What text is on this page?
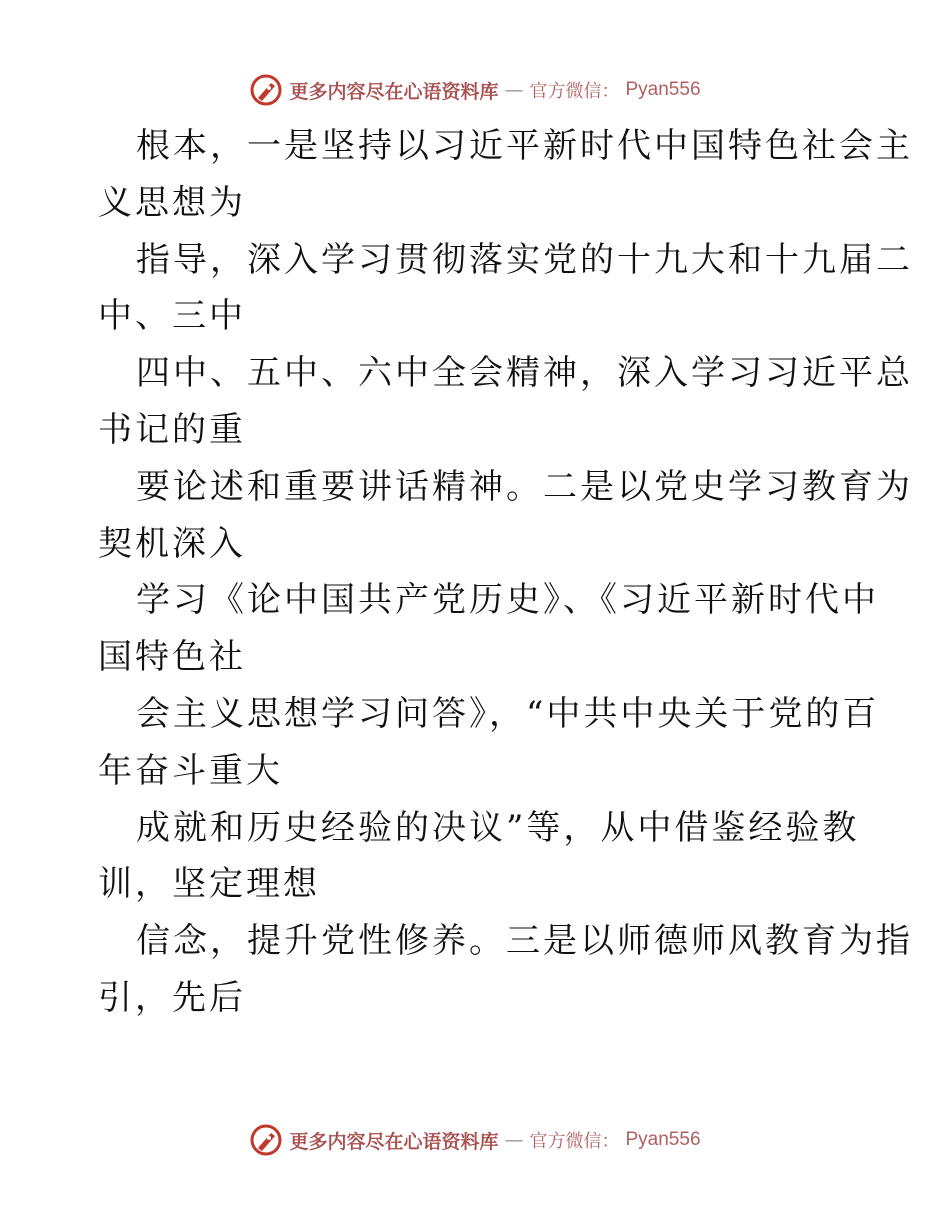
更多内容尽在心语资料库 — 官方微信： Pyan556
根本，一是坚持以习近平新时代中国特色社会主
义思想为
指导，深入学习贯彻落实党的十九大和十九届二
中、三中
四中、五中、六中全会精神，深入学习习近平总
书记的重
要论述和重要讲话精神。二是以党史学习教育为
契机深入
学习《论中国共产党历史》、《习近平新时代中
国特色社
会主义思想学习问答》，“中共中央关于党的百
年奋斗重大
成就和历史经验的决议”等，从中借鉴经验教
训，坚定理想
信念，提升党性修养。三是以师德师风教育为指
引，先后
更多内容尽在心语资料库 — 官方微信： Pyan556
